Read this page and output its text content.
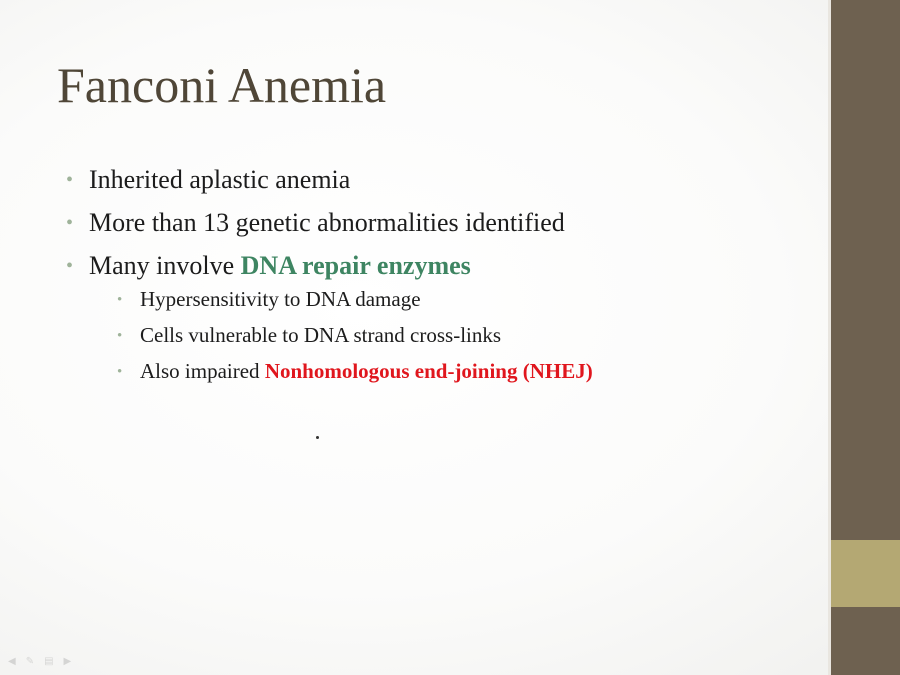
Fanconi Anemia
• Inherited aplastic anemia
• More than 13 genetic abnormalities identified
• Many involve DNA repair enzymes
• Hypersensitivity to DNA damage
• Cells vulnerable to DNA strand cross-links
• Also impaired Nonhomologous end-joining (NHEJ)
◀ ✎ ▤ ▶
